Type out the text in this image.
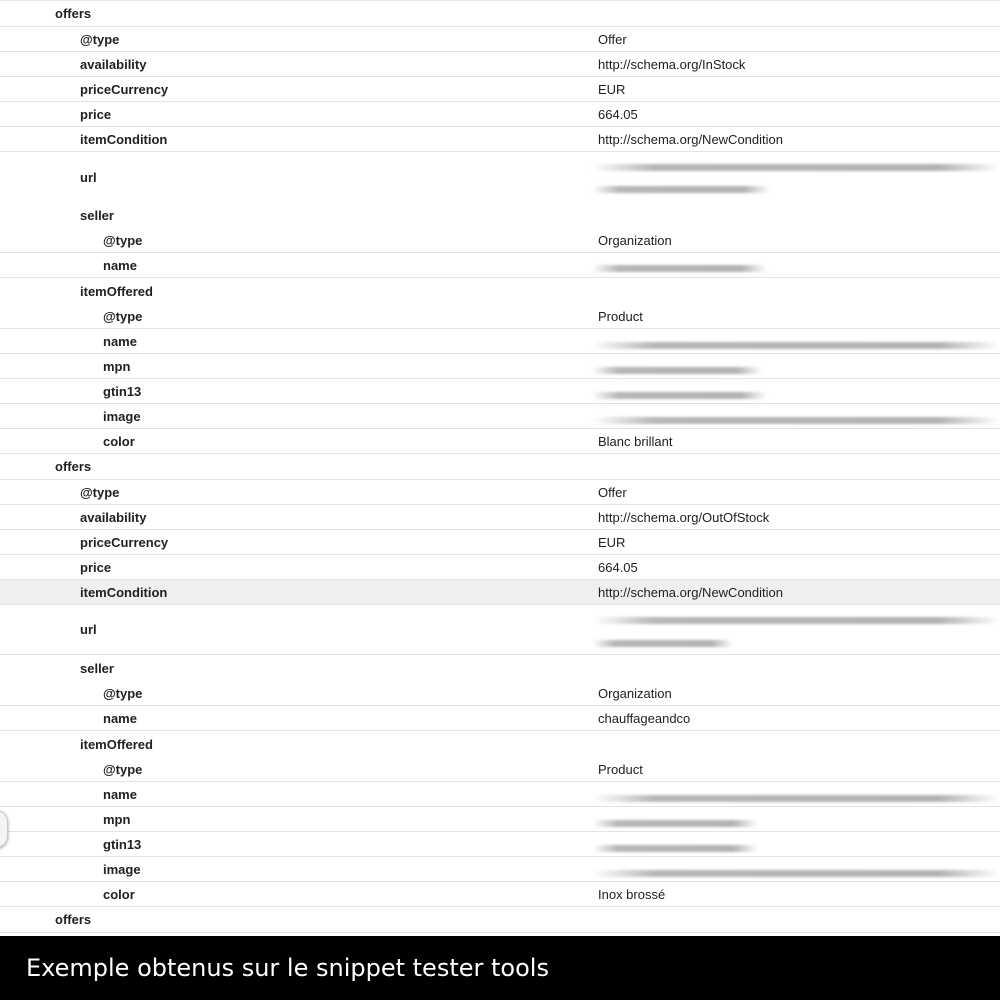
offers
@type	Offer
availability	http://schema.org/InStock
priceCurrency	EUR
price	664.05
itemCondition	http://schema.org/NewCondition
url
seller
@type	Organization
name
itemOffered
@type	Product
name
mpn
gtin13
image
color	Blanc brillant
offers
@type	Offer
availability	http://schema.org/OutOfStock
priceCurrency	EUR
price	664.05
itemCondition	http://schema.org/NewCondition
url
seller
@type	Organization
name	chauffageandco
itemOffered
@type	Product
name
mpn
gtin13
image
color	Inox brossé
offers
Exemple obtenus sur le snippet tester tools
